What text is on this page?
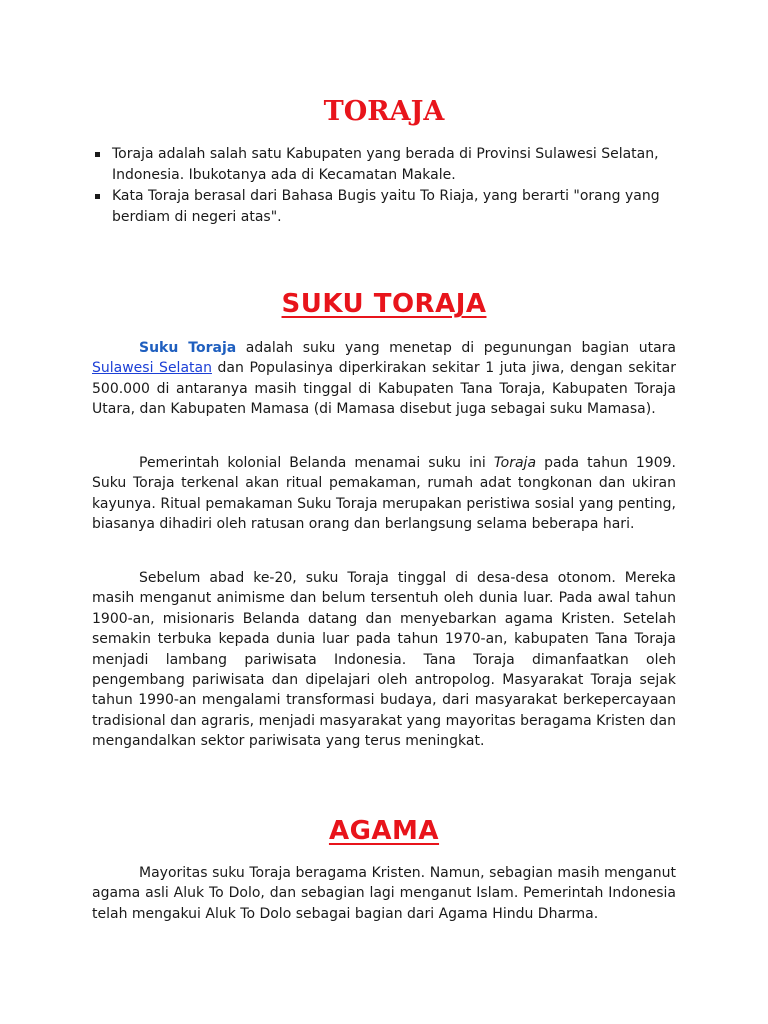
TORAJA
Toraja adalah salah satu Kabupaten yang berada di Provinsi Sulawesi Selatan, Indonesia. Ibukotanya ada di Kecamatan Makale.
Kata Toraja berasal dari Bahasa Bugis yaitu To Riaja, yang berarti "orang yang berdiam di negeri atas".
SUKU TORAJA

Suku Toraja adalah suku yang menetap di pegunungan bagian utara Sulawesi Selatan dan Populasinya diperkirakan sekitar 1 juta jiwa, dengan sekitar 500.000 di antaranya masih tinggal di Kabupaten Tana Toraja, Kabupaten Toraja Utara, dan Kabupaten Mamasa (di Mamasa disebut juga sebagai suku Mamasa).

Pemerintah kolonial Belanda menamai suku ini Toraja pada tahun 1909. Suku Toraja terkenal akan ritual pemakaman, rumah adat tongkonan dan ukiran kayunya. Ritual pemakaman Suku Toraja merupakan peristiwa sosial yang penting, biasanya dihadiri oleh ratusan orang dan berlangsung selama beberapa hari.

Sebelum abad ke-20, suku Toraja tinggal di desa-desa otonom. Mereka masih menganut animisme dan belum tersentuh oleh dunia luar. Pada awal tahun 1900-an, misionaris Belanda datang dan menyebarkan agama Kristen. Setelah semakin terbuka kepada dunia luar pada tahun 1970-an, kabupaten Tana Toraja menjadi lambang pariwisata Indonesia. Tana Toraja dimanfaatkan oleh pengembang pariwisata dan dipelajari oleh antropolog. Masyarakat Toraja sejak tahun 1990-an mengalami transformasi budaya, dari masyarakat berkepercayaan tradisional dan agraris, menjadi masyarakat yang mayoritas beragama Kristen dan mengandalkan sektor pariwisata yang terus meningkat.

AGAMA

Mayoritas suku Toraja beragama Kristen. Namun, sebagian masih menganut agama asli Aluk To Dolo, dan sebagian lagi menganut Islam. Pemerintah Indonesia telah mengakui Aluk To Dolo sebagai bagian dari Agama Hindu Dharma.
